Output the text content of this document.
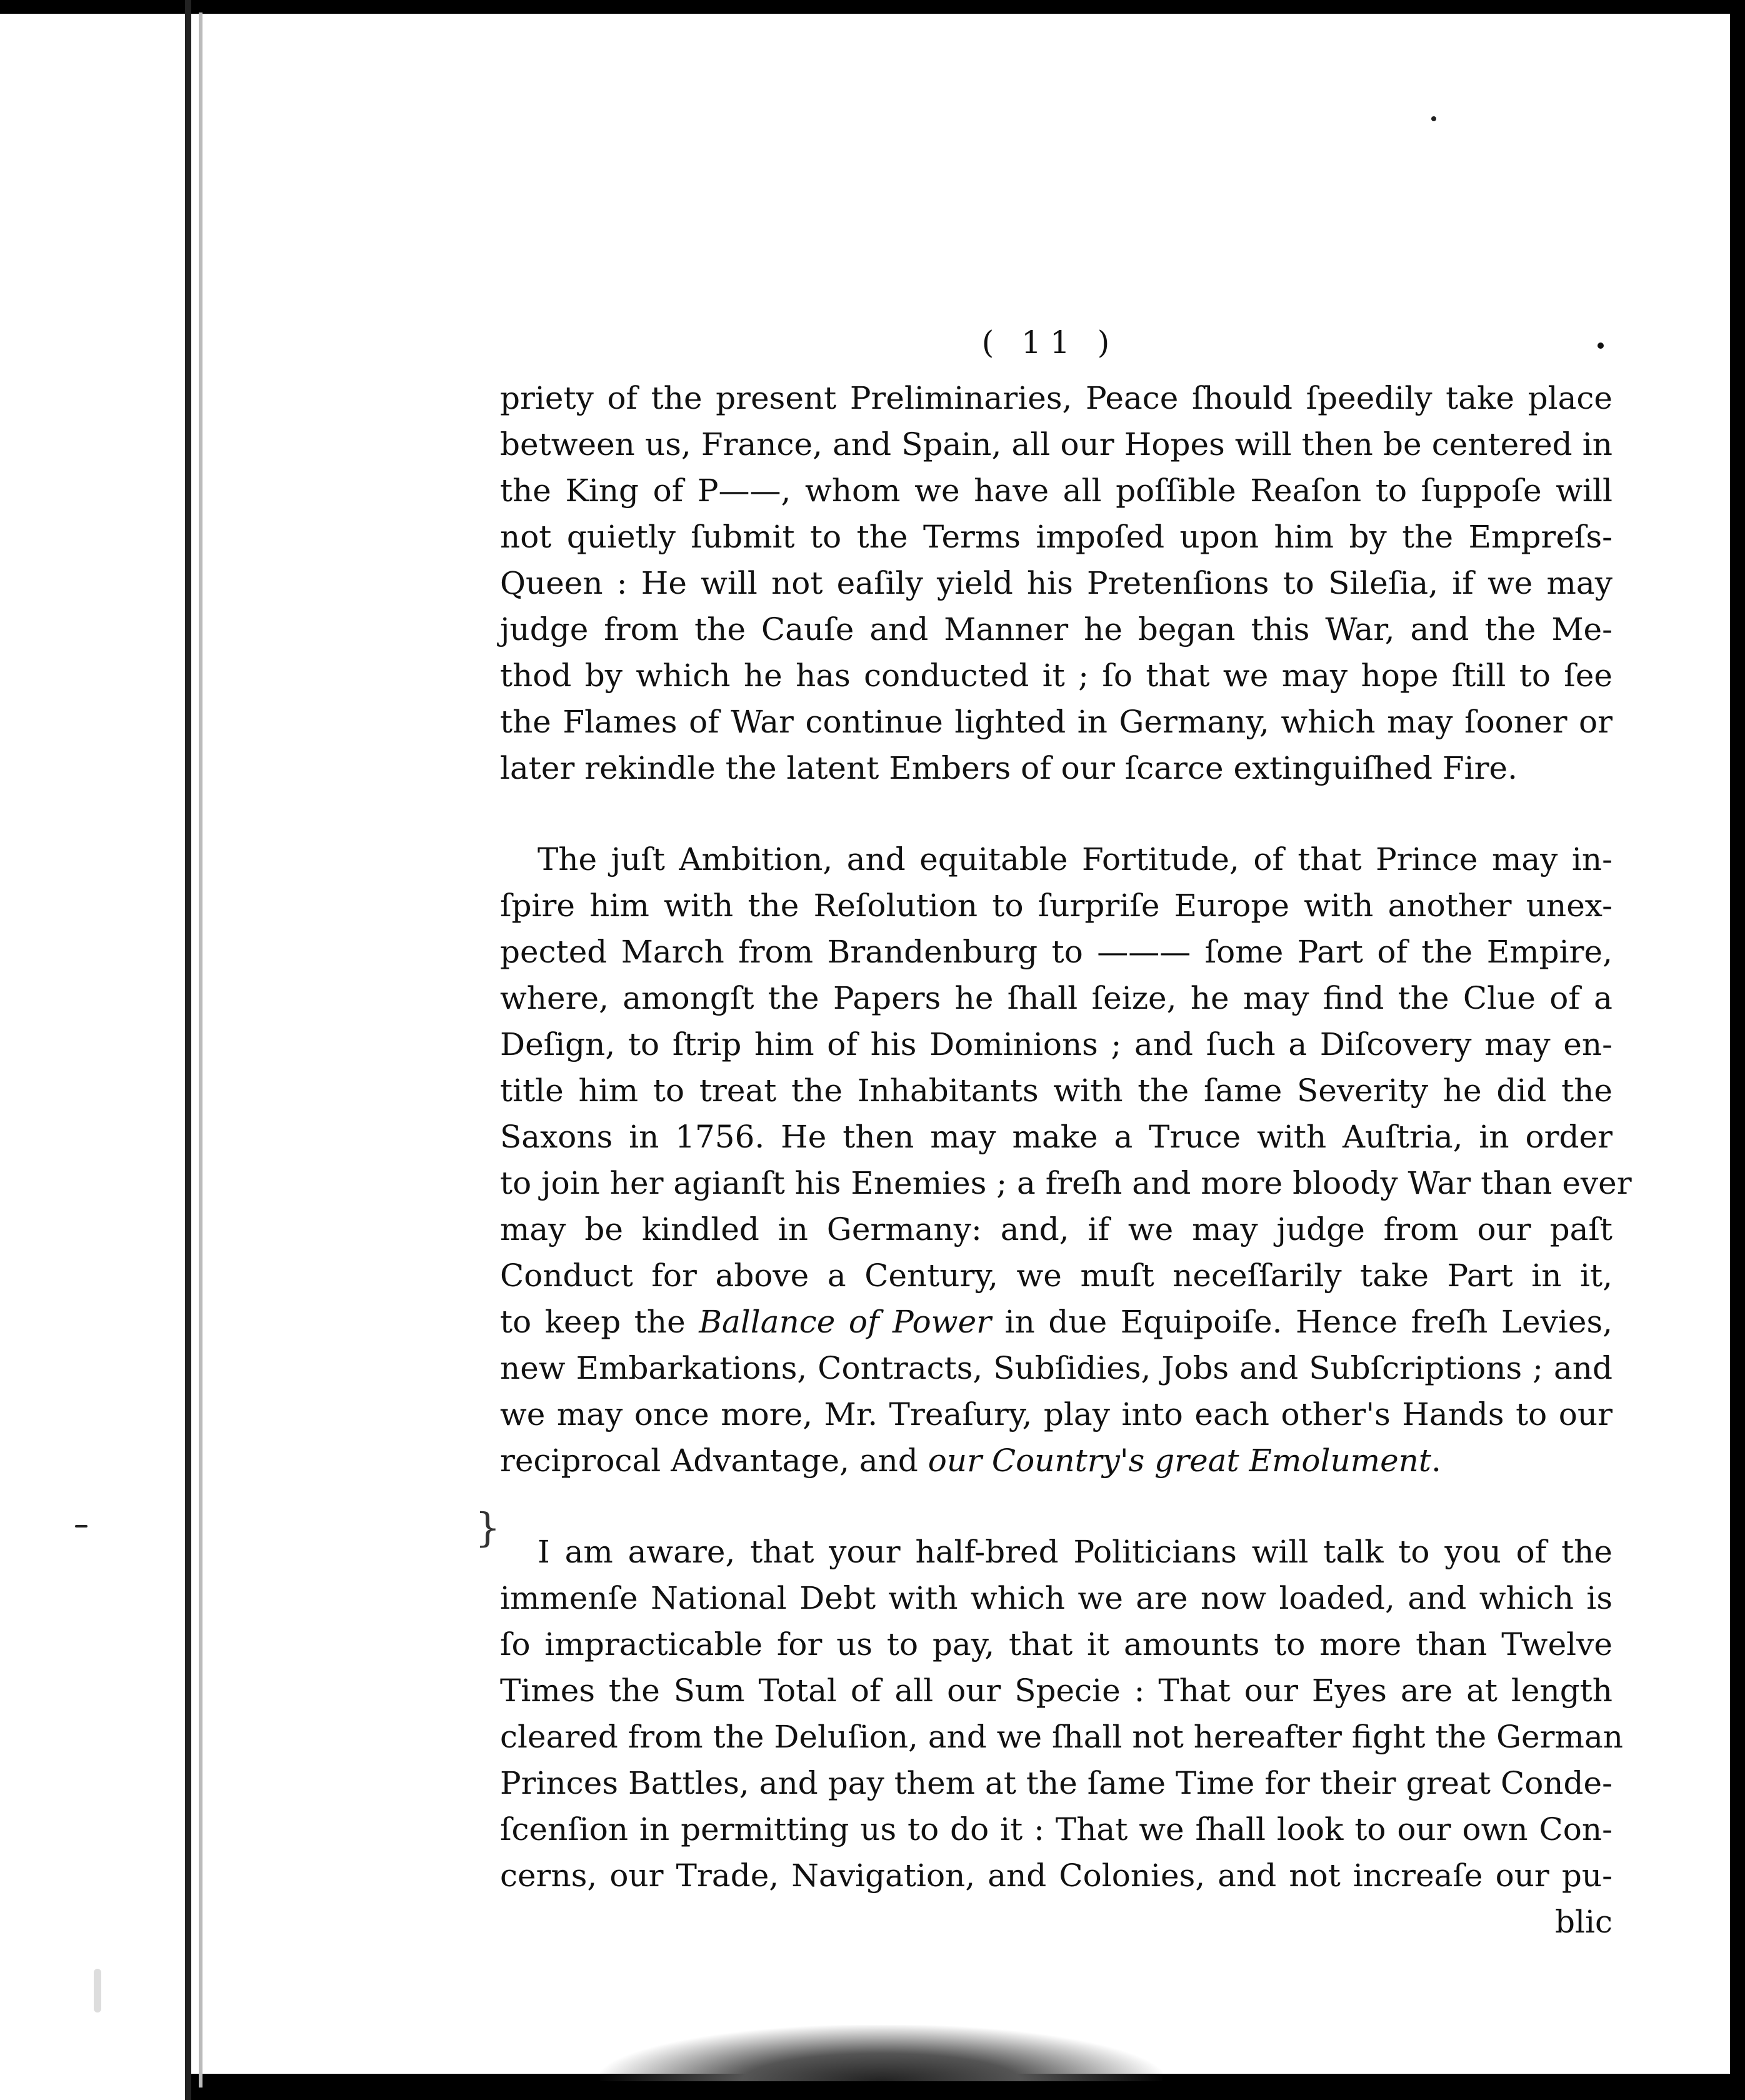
( 11 )
}
priety of the present Preliminaries, Peace ſhould ſpeedily take place
between us, France, and Spain, all our Hopes will then be centered in
the King of P——, whom we have all poſſible Reaſon to ſuppoſe will
not quietly ſubmit to the Terms impoſed upon him by the Empreſs-
Queen : He will not eaſily yield his Pretenſions to Sileſia, if we may
judge from the Cauſe and Manner he began this War, and the Me-
thod by which he has conducted it ; ſo that we may hope ſtill to ſee
the Flames of War continue lighted in Germany, which may ſooner or
later rekindle the latent Embers of our ſcarce extinguiſhed Fire.
The juſt Ambition, and equitable Fortitude, of that Prince may in-
ſpire him with the Reſolution to ſurpriſe Europe with another unex-
pected March from Brandenburg to ——— ſome Part of the Empire,
where, amongſt the Papers he ſhall ſeize, he may find the Clue of a
Deſign, to ſtrip him of his Dominions ; and ſuch a Diſcovery may en-
title him to treat the Inhabitants with the ſame Severity he did the
Saxons in 1756. He then may make a Truce with Auſtria, in order
to join her agianſt his Enemies ; a freſh and more bloody War than ever
may be kindled in Germany: and, if we may judge from our paſt
Conduct for above a Century, we muſt neceſſarily take Part in it,
to keep the Ballance of Power in due Equipoiſe. Hence freſh Levies,
new Embarkations, Contracts, Subſidies, Jobs and Subſcriptions ; and
we may once more, Mr. Treaſury, play into each other's Hands to our
reciprocal Advantage, and our Country's great Emolument.
I am aware, that your half-bred Politicians will talk to you of the
immenſe National Debt with which we are now loaded, and which is
ſo impracticable for us to pay, that it amounts to more than Twelve
Times the Sum Total of all our Specie : That our Eyes are at length
cleared from the Deluſion, and we ſhall not hereafter fight the German
Princes Battles, and pay them at the ſame Time for their great Conde-
ſcenſion in permitting us to do it : That we ſhall look to our own Con-
cerns, our Trade, Navigation, and Colonies, and not increaſe our pu-
blic
